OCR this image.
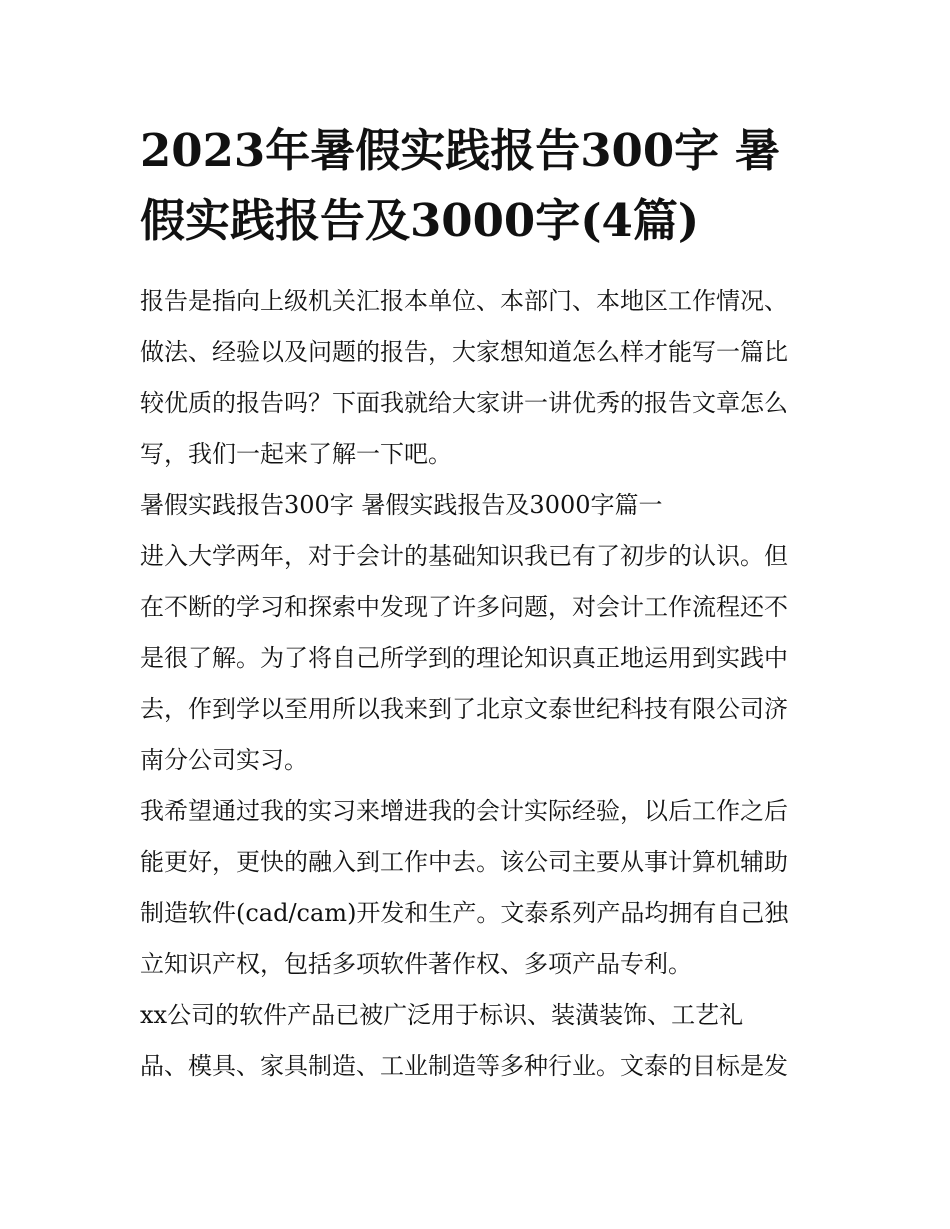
2023年暑假实践报告300字 暑
假实践报告及3000字(4篇)

报告是指向上级机关汇报本单位、本部门、本地区工作情况、
做法、经验以及问题的报告，大家想知道怎么样才能写一篇比
较优质的报告吗？下面我就给大家讲一讲优秀的报告文章怎么
写，我们一起来了解一下吧。

暑假实践报告300字 暑假实践报告及3000字篇一

进入大学两年，对于会计的基础知识我已有了初步的认识。但
在不断的学习和探索中发现了许多问题，对会计工作流程还不
是很了解。为了将自己所学到的理论知识真正地运用到实践中
去，作到学以至用所以我来到了北京文泰世纪科技有限公司济
南分公司实习。

我希望通过我的实习来增进我的会计实际经验，以后工作之后
能更好，更快的融入到工作中去。该公司主要从事计算机辅助
制造软件(cad/cam)开发和生产。文泰系列产品均拥有自己独
立知识产权，包括多项软件著作权、多项产品专利。

xx公司的软件产品已被广泛用于标识、装潢装饰、工艺礼
品、模具、家具制造、工业制造等多种行业。文泰的目标是发
